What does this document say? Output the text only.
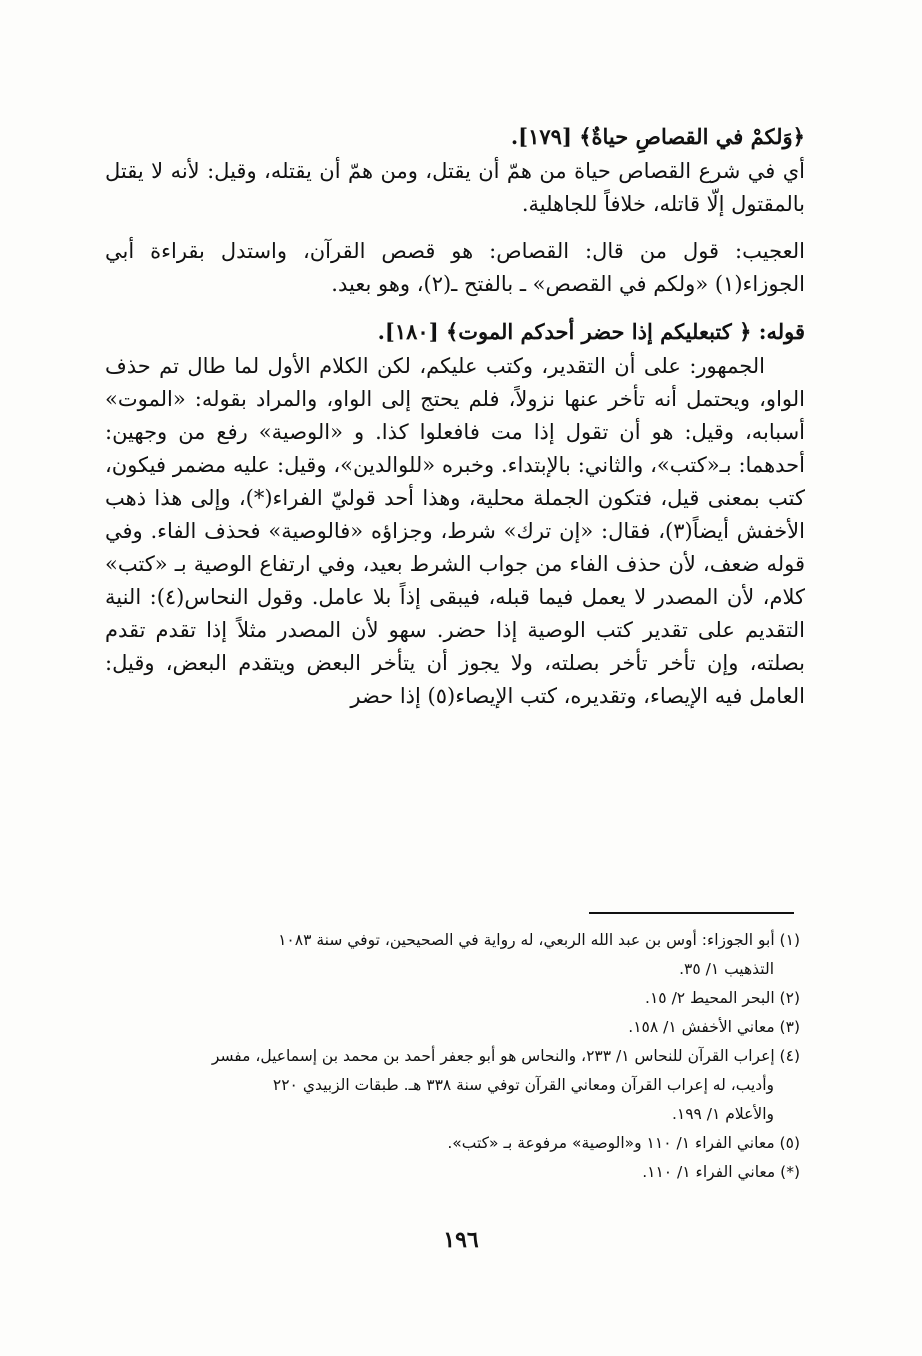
﴿وَلكمْ في القصاصِ حياةٌ﴾ [١٧٩].

أي في شرع القصاص حياة من همّ أن يقتل، ومن همّ أن يقتله، وقيل: لأنه لا يقتل بالمقتول إلّا قاتله، خلافاً للجاهلية.

العجيب: قول من قال: القصاص: هو قصص القرآن، واستدل بقراءة أبي الجوزاء(١) «ولكم في القصص» ـ بالفتح ـ(٢)، وهو بعيد.

قوله: ﴿ كتبعليكم إذا حضر أحدكم الموت﴾ [١٨٠].

الجمهور: على أن التقدير، وكتب عليكم، لكن الكلام الأول لما طال تم حذف الواو، ويحتمل أنه تأخر عنها نزولاً، فلم يحتج إلى الواو، والمراد بقوله: «الموت» أسبابه، وقيل: هو أن تقول إذا مت فافعلوا كذا. و «الوصية» رفع من وجهين: أحدهما: بـ«كتب»، والثاني: بالإبتداء. وخبره «للوالدين»، وقيل: عليه مضمر فيكون، كتب بمعنى قيل، فتكون الجملة محلية، وهذا أحد قوليّ الفراء(*)، وإلى هذا ذهب الأخفش أيضاً(٣)، فقال: «إن ترك» شرط، وجزاؤه «فالوصية» فحذف الفاء. وفي قوله ضعف، لأن حذف الفاء من جواب الشرط بعيد، وفي ارتفاع الوصية بـ «كتب» كلام، لأن المصدر لا يعمل فيما قبله، فيبقى إذاً بلا عامل. وقول النحاس(٤): النية التقديم على تقدير كتب الوصية إذا حضر. سهو لأن المصدر مثلاً إذا تقدم تقدم بصلته، وإن تأخر تأخر بصلته، ولا يجوز أن يتأخر البعض ويتقدم البعض، وقيل: العامل فيه الإيصاء، وتقديره، كتب الإيصاء(٥) إذا حضر

(١) أبو الجوزاء: أوس بن عبد الله الربعي، له رواية في الصحيحين، توفي سنة ١٠٨٣

التذهيب ١/ ٣٥.

(٢) البحر المحيط ٢/ ١٥.

(٣) معاني الأخفش ١/ ١٥٨.

(٤) إعراب القرآن للنحاس ١/ ٢٣٣، والنحاس هو أبو جعفر أحمد بن محمد بن إسماعيل، مفسر

وأديب، له إعراب القرآن ومعاني القرآن توفي سنة ٣٣٨ هـ. طبقات الزبيدي ٢٢٠

والأعلام ١/ ١٩٩.

(٥) معاني الفراء ١/ ١١٠ و«الوصية» مرفوعة بـ «كتب».

(*) معاني الفراء ١/ ١١٠.

١٩٦
